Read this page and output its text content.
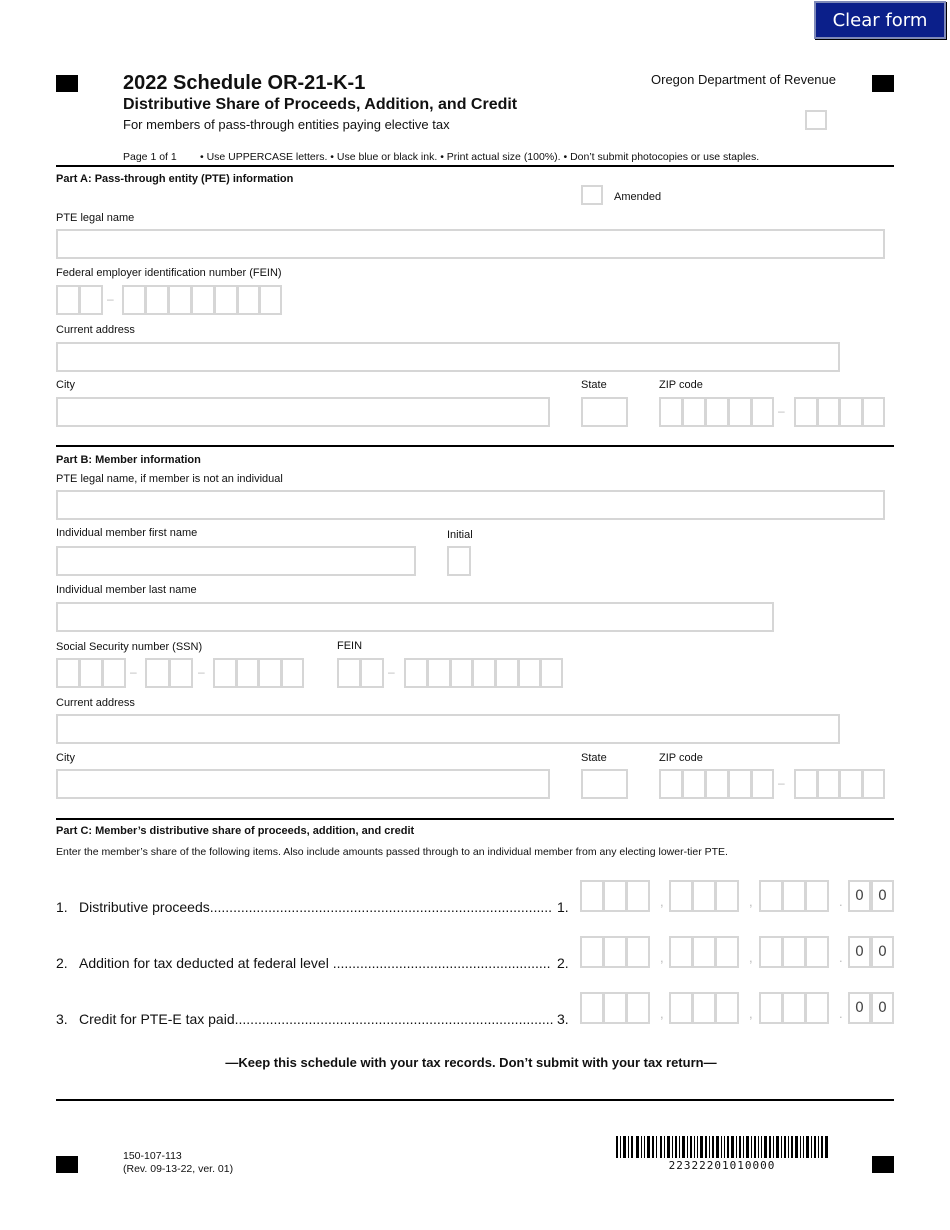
Clear form
2022 Schedule OR-21-K-1
Distributive Share of Proceeds, Addition, and Credit
For members of pass-through entities paying elective tax
Oregon Department of Revenue
Page 1 of 1 • Use UPPERCASE letters. • Use blue or black ink. • Print actual size (100%). • Don’t submit photocopies or use staples.
Part A: Pass-through entity (PTE) information
Amended
PTE legal name
Federal employer identification number (FEIN)
–
Current address
City	State	ZIP code
–
Part B: Member information
PTE legal name, if member is not an individual
Individual member first name	Initial
Individual member last name
Social Security number (SSN)	FEIN
–	–	–
Current address
City	State	ZIP code
–
Part C: Member’s distributive share of proceeds, addition, and credit
Enter the member’s share of the following items. Also include amounts passed through to an individual member from any electing lower-tier PTE.
1. Distributive proceeds........................................................................................ 1.	,	,	. 0	0
2. Addition for tax deducted at federal level ........................................................ 2.	,	,	. 0	0
3. Credit for PTE-E tax paid.................................................................................. 3.	,	,	. 0	0
—Keep this schedule with your tax records. Don’t submit with your tax return—
150-107-113
(Rev. 09-13-22, ver. 01)	22322201010000
